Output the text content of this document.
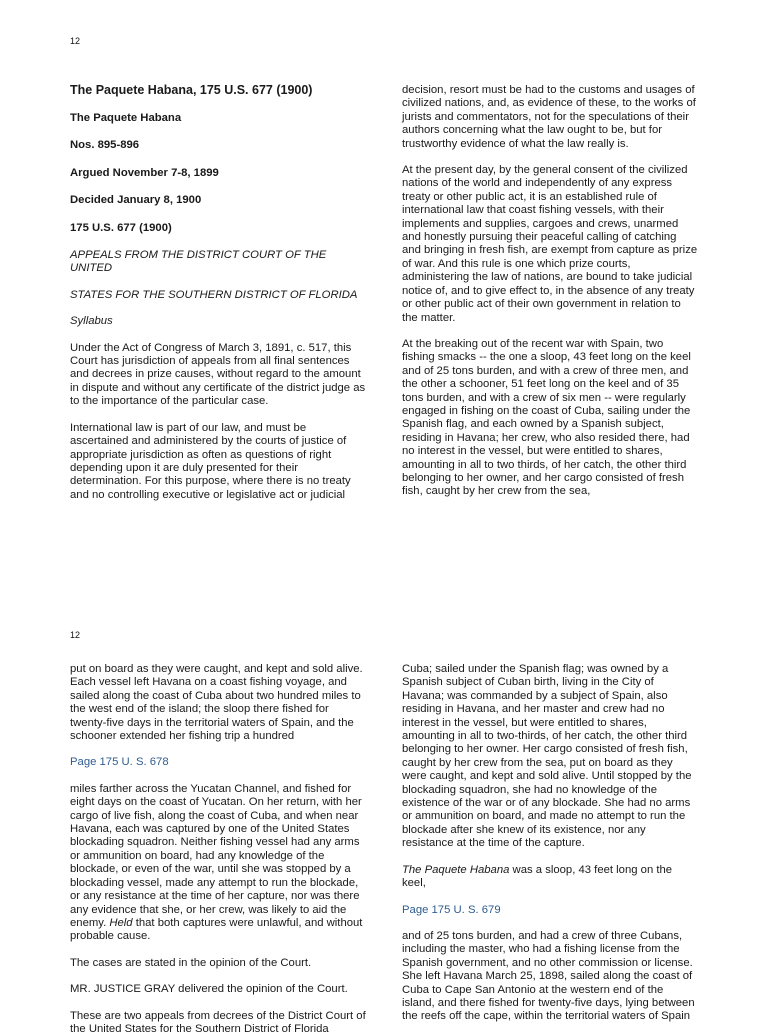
12

The Paquete Habana, 175 U.S. 677 (1900)

The Paquete Habana

Nos. 895-896

Argued November 7-8, 1899

Decided January 8, 1900

175 U.S. 677 (1900)

APPEALS FROM THE DISTRICT COURT OF THE UNITED

STATES FOR THE SOUTHERN DISTRICT OF FLORIDA

Syllabus

Under the Act of Congress of March 3, 1891, c. 517, this Court has jurisdiction of appeals from all final sentences and decrees in prize causes, without regard to the amount in dispute and without any certificate of the district judge as to the importance of the particular case.

International law is part of our law, and must be ascertained and administered by the courts of justice of appropriate jurisdiction as often as questions of right depending upon it are duly presented for their determination. For this purpose, where there is no treaty and no controlling executive or legislative act or judicial

decision, resort must be had to the customs and usages of civilized nations, and, as evidence of these, to the works of jurists and commentators, not for the speculations of their authors concerning what the law ought to be, but for trustworthy evidence of what the law really is.

At the present day, by the general consent of the civilized nations of the world and independently of any express treaty or other public act, it is an established rule of international law that coast fishing vessels, with their implements and supplies, cargoes and crews, unarmed and honestly pursuing their peaceful calling of catching and bringing in fresh fish, are exempt from capture as prize of war. And this rule is one which prize courts, administering the law of nations, are bound to take judicial notice of, and to give effect to, in the absence of any treaty or other public act of their own government in relation to the matter.

At the breaking out of the recent war with Spain, two fishing smacks -- the one a sloop, 43 feet long on the keel and of 25 tons burden, and with a crew of three men, and the other a schooner, 51 feet long on the keel and of 35 tons burden, and with a crew of six men -- were regularly engaged in fishing on the coast of Cuba, sailing under the Spanish flag, and each owned by a Spanish subject, residing in Havana; her crew, who also resided there, had no interest in the vessel, but were entitled to shares, amounting in all to two thirds, of her catch, the other third belonging to her owner, and her cargo consisted of fresh fish, caught by her crew from the sea,

12

put on board as they were caught, and kept and sold alive. Each vessel left Havana on a coast fishing voyage, and sailed along the coast of Cuba about two hundred miles to the west end of the island; the sloop there fished for twenty-five days in the territorial waters of Spain, and the schooner extended her fishing trip a hundred

Page 175 U. S. 678

miles farther across the Yucatan Channel, and fished for eight days on the coast of Yucatan. On her return, with her cargo of live fish, along the coast of Cuba, and when near Havana, each was captured by one of the United States blockading squadron. Neither fishing vessel had any arms or ammunition on board, had any knowledge of the blockade, or even of the war, until she was stopped by a blockading vessel, made any attempt to run the blockade, or any resistance at the time of her capture, nor was there any evidence that she, or her crew, was likely to aid the enemy. Held that both captures were unlawful, and without probable cause.

The cases are stated in the opinion of the Court.

MR. JUSTICE GRAY delivered the opinion of the Court.

These are two appeals from decrees of the District Court of the United States for the Southern District of Florida

Cuba; sailed under the Spanish flag; was owned by a Spanish subject of Cuban birth, living in the City of Havana; was commanded by a subject of Spain, also residing in Havana, and her master and crew had no interest in the vessel, but were entitled to shares, amounting in all to two-thirds, of her catch, the other third belonging to her owner. Her cargo consisted of fresh fish, caught by her crew from the sea, put on board as they were caught, and kept and sold alive. Until stopped by the blockading squadron, she had no knowledge of the existence of the war or of any blockade. She had no arms or ammunition on board, and made no attempt to run the blockade after she knew of its existence, nor any resistance at the time of the capture.

The Paquete Habana was a sloop, 43 feet long on the keel,

Page 175 U. S. 679

and of 25 tons burden, and had a crew of three Cubans, including the master, who had a fishing license from the Spanish government, and no other commission or license. She left Havana March 25, 1898, sailed along the coast of Cuba to Cape San Antonio at the western end of the island, and there fished for twenty-five days, lying between the reefs off the cape, within the territorial waters of Spain
